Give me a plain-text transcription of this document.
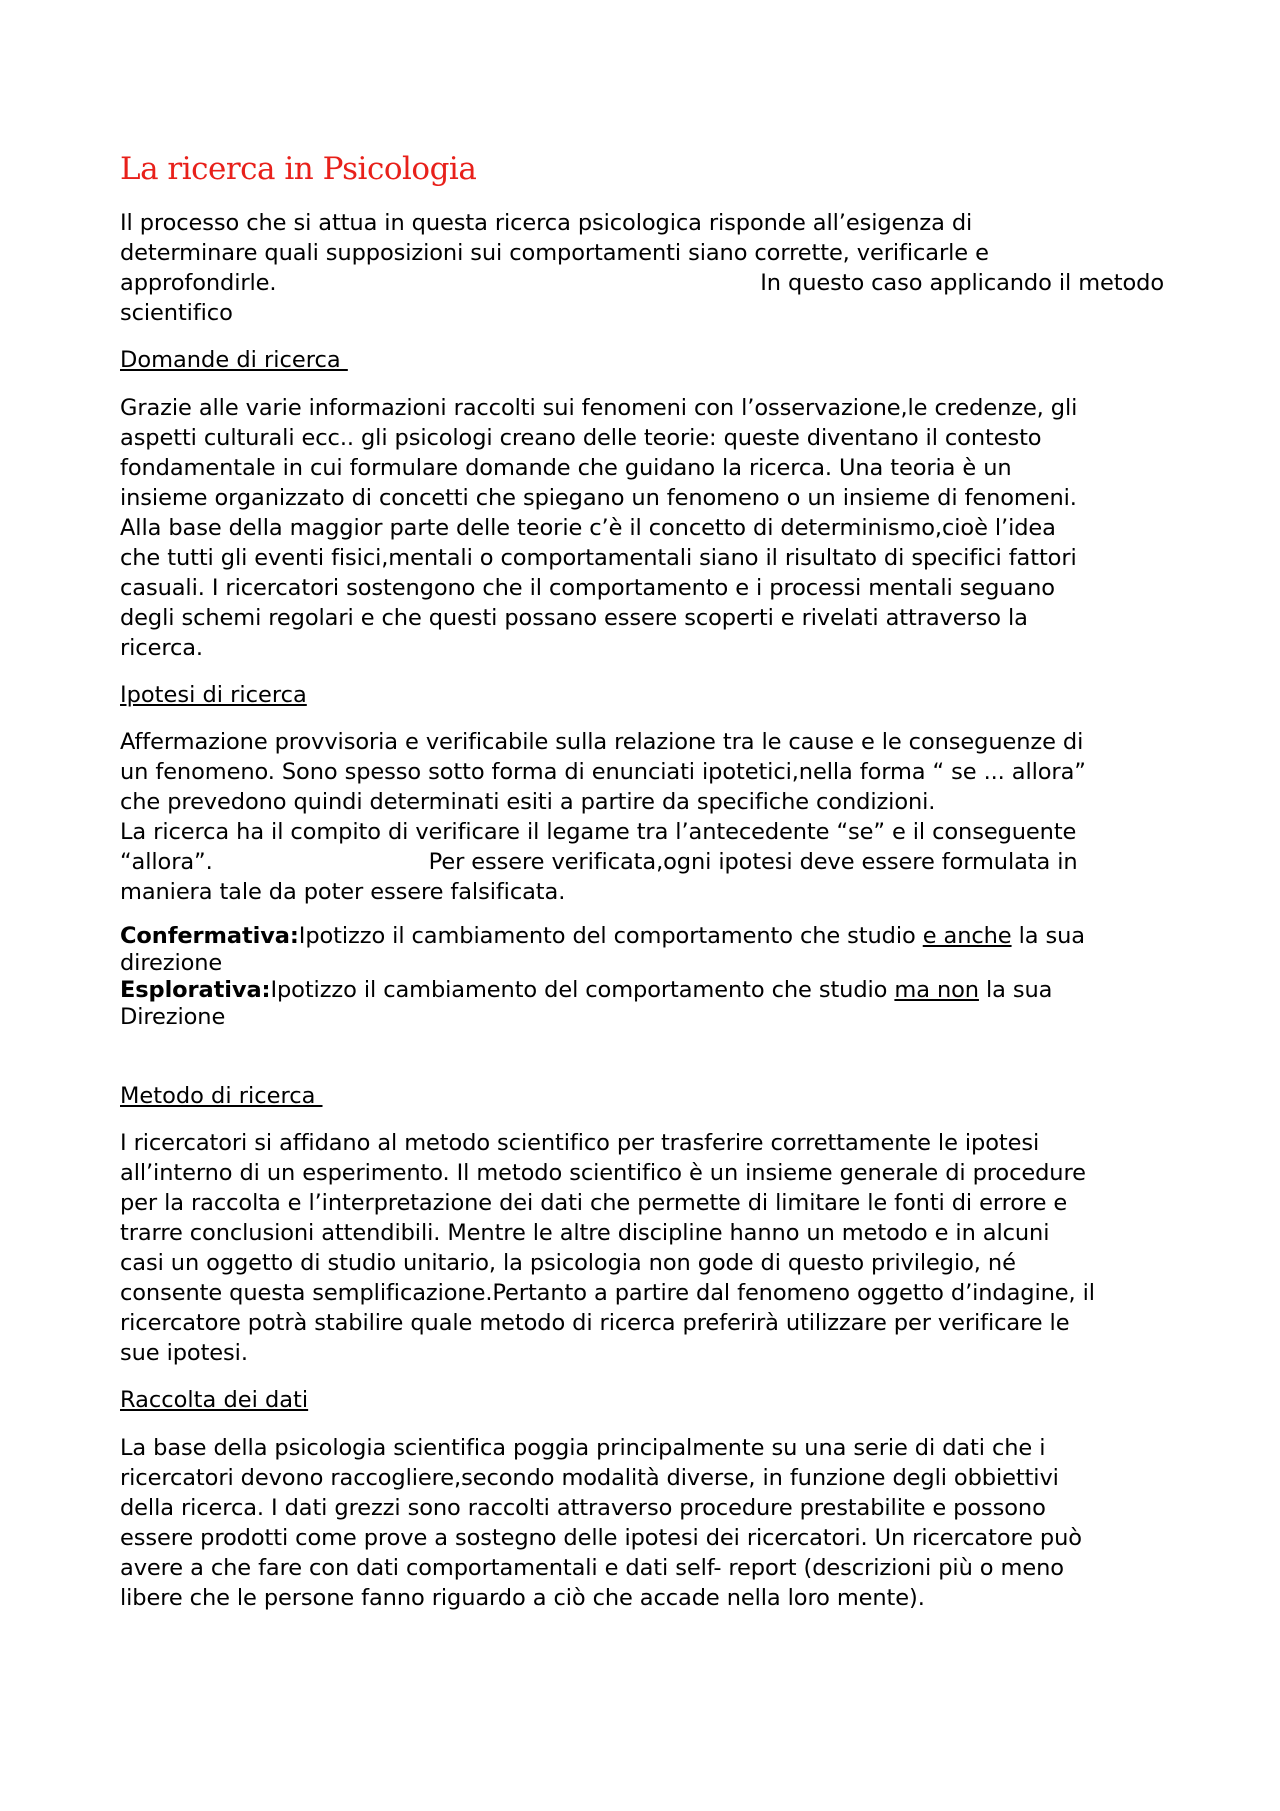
La ricerca in Psicologia
Il processo che si attua in questa ricerca psicologica risponde all’esigenza di
determinare quali supposizioni sui comportamenti siano corrette, verificarle e
approfondirle.	In questo caso applicando il metodo
scientifico
Domande di ricerca
Grazie alle varie informazioni raccolti sui fenomeni con l’osservazione,le credenze, gli
aspetti culturali ecc.. gli psicologi creano delle teorie: queste diventano il contesto
fondamentale in cui formulare domande che guidano la ricerca. Una teoria è un
insieme organizzato di concetti che spiegano un fenomeno o un insieme di fenomeni.
Alla base della maggior parte delle teorie c’è il concetto di determinismo,cioè l’idea
che tutti gli eventi fisici,mentali o comportamentali siano il risultato di specifici fattori
casuali. I ricercatori sostengono che il comportamento e i processi mentali seguano
degli schemi regolari e che questi possano essere scoperti e rivelati attraverso la
ricerca.
Ipotesi di ricerca
Affermazione provvisoria e verificabile sulla relazione tra le cause e le conseguenze di
un fenomeno. Sono spesso sotto forma di enunciati ipotetici,nella forma “ se ... allora”
che prevedono quindi determinati esiti a partire da specifiche condizioni.
La ricerca ha il compito di verificare il legame tra l’antecedente “se” e il conseguente
“allora”.	Per essere verificata,ogni ipotesi deve essere formulata in
maniera tale da poter essere falsificata.
Confermativa:Ipotizzo il cambiamento del comportamento che studio e anche la sua
direzione
Esplorativa:Ipotizzo il cambiamento del comportamento che studio ma non la sua
Direzione
Metodo di ricerca
I ricercatori si affidano al metodo scientifico per trasferire correttamente le ipotesi
all’interno di un esperimento. Il metodo scientifico è un insieme generale di procedure
per la raccolta e l’interpretazione dei dati che permette di limitare le fonti di errore e
trarre conclusioni attendibili. Mentre le altre discipline hanno un metodo e in alcuni
casi un oggetto di studio unitario, la psicologia non gode di questo privilegio, né
consente questa semplificazione.Pertanto a partire dal fenomeno oggetto d’indagine, il
ricercatore potrà stabilire quale metodo di ricerca preferirà utilizzare per verificare le
sue ipotesi.
Raccolta dei dati
La base della psicologia scientifica poggia principalmente su una serie di dati che i
ricercatori devono raccogliere,secondo modalità diverse, in funzione degli obbiettivi
della ricerca. I dati grezzi sono raccolti attraverso procedure prestabilite e possono
essere prodotti come prove a sostegno delle ipotesi dei ricercatori. Un ricercatore può
avere a che fare con dati comportamentali e dati self- report (descrizioni più o meno
libere che le persone fanno riguardo a ciò che accade nella loro mente).
